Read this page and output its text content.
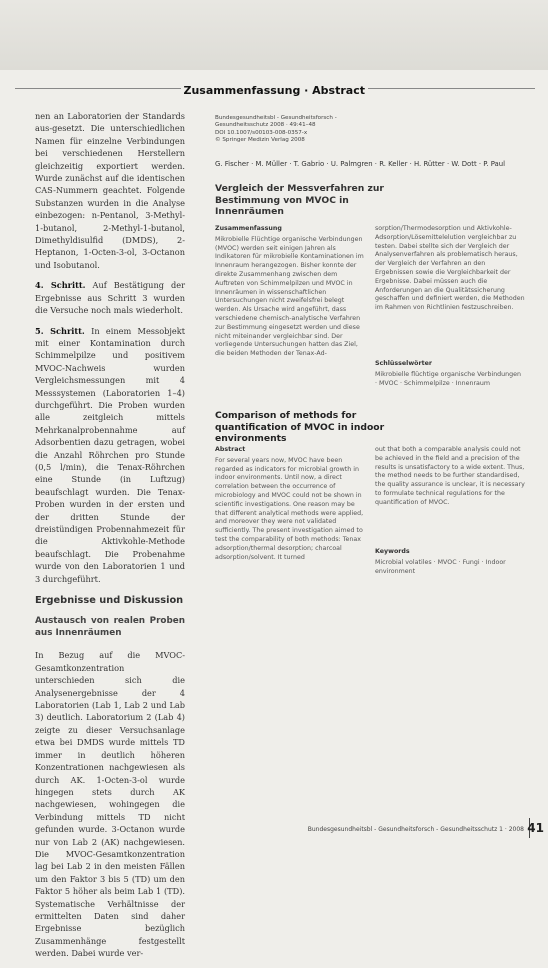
Zusammenfassung · Abstract

nen an Laboratorien der Standards aus-gesetzt. Die unterschiedlichen Namen für einzelne Verbindungen bei verschiedenen Herstellern gleichzeitig exportiert werden. Wurde zunächst auf die identischen CAS-Nummern geachtet. Folgende Substanzen wurden in die Analyse einbezogen: n-Pentanol, 3-Methyl-1-butanol, 2-Methyl-1-butanol, Dimethyldisulfid (DMDS), 2-Heptanon, 1-Octen-3-ol, 3-Octanon und Isobutanol.

4. Schritt. Auf Bestätigung der Ergebnisse aus Schritt 3 wurden die Versuche noch mals wiederholt.

5. Schritt. In einem Messobjekt mit einer Kontamination durch Schimmelpilze und positivem MVOC-Nachweis wurden Vergleichsmessungen mit 4 Messsystemen (Laboratorien 1–4) durchgeführt. Die Proben wurden alle zeitgleich mittels Mehrkanalprobennahme auf Adsorbentien dazu getragen, wobei die Anzahl Röhrchen pro Stunde (0,5 l/min), die Tenax-Röhrchen eine Stunde (in Luftzug) beaufschlagt wurden. Die Tenax-Proben wurden in der ersten und der dritten Stunde der dreistündigen Probennahmezeit für die Aktivkohle-Methode beaufschlagt. Die Probenahme wurde von den Laboratorien 1 und 3 durchgeführt.

Ergebnisse und Diskussion
Austausch von realen Proben aus Innenräumen

In Bezug auf die MVOC-Gesamtkonzentration unterschieden sich die Analysenergebnisse der 4 Laboratorien (Lab 1, Lab 2 und Lab 3) deutlich. Laboratorium 2 (Lab 4) zeigte zu dieser Versuchsanlage etwa bei DMDS wurde mittels TD immer in deutlich höheren Konzentrationen nachgewiesen als durch AK. 1-Octen-3-ol wurde hingegen stets durch AK nachgewiesen, wohingegen die Verbindung mittels TD nicht gefunden wurde. 3-Octanon wurde nur von Lab 2 (AK) nachgewiesen. Die MVOC-Gesamtkonzentration lag bei Lab 2 in den meisten Fällen um den Faktor 3 bis 5 (TD) um den Faktor 5 höher als beim Lab 1 (TD). Systematische Verhältnisse der ermittelten Daten sind daher Ergebnisse bezüglich Zusammenhänge festgestellt werden. Dabei wurde ver-

Bundesgesundheitsbl - Gesundheitsforsch -
Gesundheitsschutz 2008 · 49:41–48
DOI 10.1007/s00103-008-0357-x
© Springer Medizin Verlag 2008
G. Fischer · M. Müller · T. Gabrio · U. Palmgren · R. Keller · H. Rütter · W. Dott · P. Paul
Vergleich der Messverfahren zur Bestimmung von MVOC in Innenräumen
Zusammenfassung
Mikrobielle Flüchtige organische Verbindungen (MVOC) werden seit einigen Jahren als Indikatoren für mikrobielle Kontaminationen im Innenraum herangezogen. Bisher konnte der direkte Zusammenhang zwischen dem Auftreten von Schimmelpilzen und MVOC in Innenräumen in wissenschaftlichen Untersuchungen nicht zweifelsfrei belegt werden. Als Ursache wird angeführt, dass verschiedene chemisch-analytische Verfahren zur Bestimmung eingesetzt werden und diese nicht miteinander vergleichbar sind. Der vorliegende Untersuchungen hatten das Ziel, die beiden Methoden der Tenax-Ad-
sorption/Thermodesorption und Aktivkohle-Adsorption/Lösemittelelution vergleichbar zu testen. Dabei stellte sich der Vergleich der Analysenverfahren als problematisch heraus, der Vergleich der Verfahren an den Ergebnissen sowie die Vergleichbarkeit der Ergebnisse. Dabei müssen auch die Anforderungen an die Qualitätssicherung geschaffen und definiert werden, die Methoden im Rahmen von Richtlinien festzuschreiben.
Schlüsselwörter
Mikrobielle flüchtige organische Verbindungen · MVOC · Schimmelpilze · Innenraum
Comparison of methods for quantification of MVOC in indoor environments
Abstract
For several years now, MVOC have been regarded as indicators for microbial growth in indoor environments. Until now, a direct correlation between the occurrence of microbiology and MVOC could not be shown in scientific investigations. One reason may be that different analytical methods were applied, and moreover they were not validated sufficiently. The present investigation aimed to test the comparability of both methods: Tenax adsorption/thermal desorption; charcoal adsorption/solvent. It turned
out that both a comparable analysis could not be achieved in the field and a precision of the results is unsatisfactory to a wide extent. Thus, the method needs to be further standardised, the quality assurance is unclear, it is necessary to formulate technical regulations for the quantification of MVOC.
Keywords
Microbial volatiles · MVOC · Fungi · Indoor environment
Bundesgesundheitsbl - Gesundheitsforsch - Gesundheitsschutz 1 · 2008 41
